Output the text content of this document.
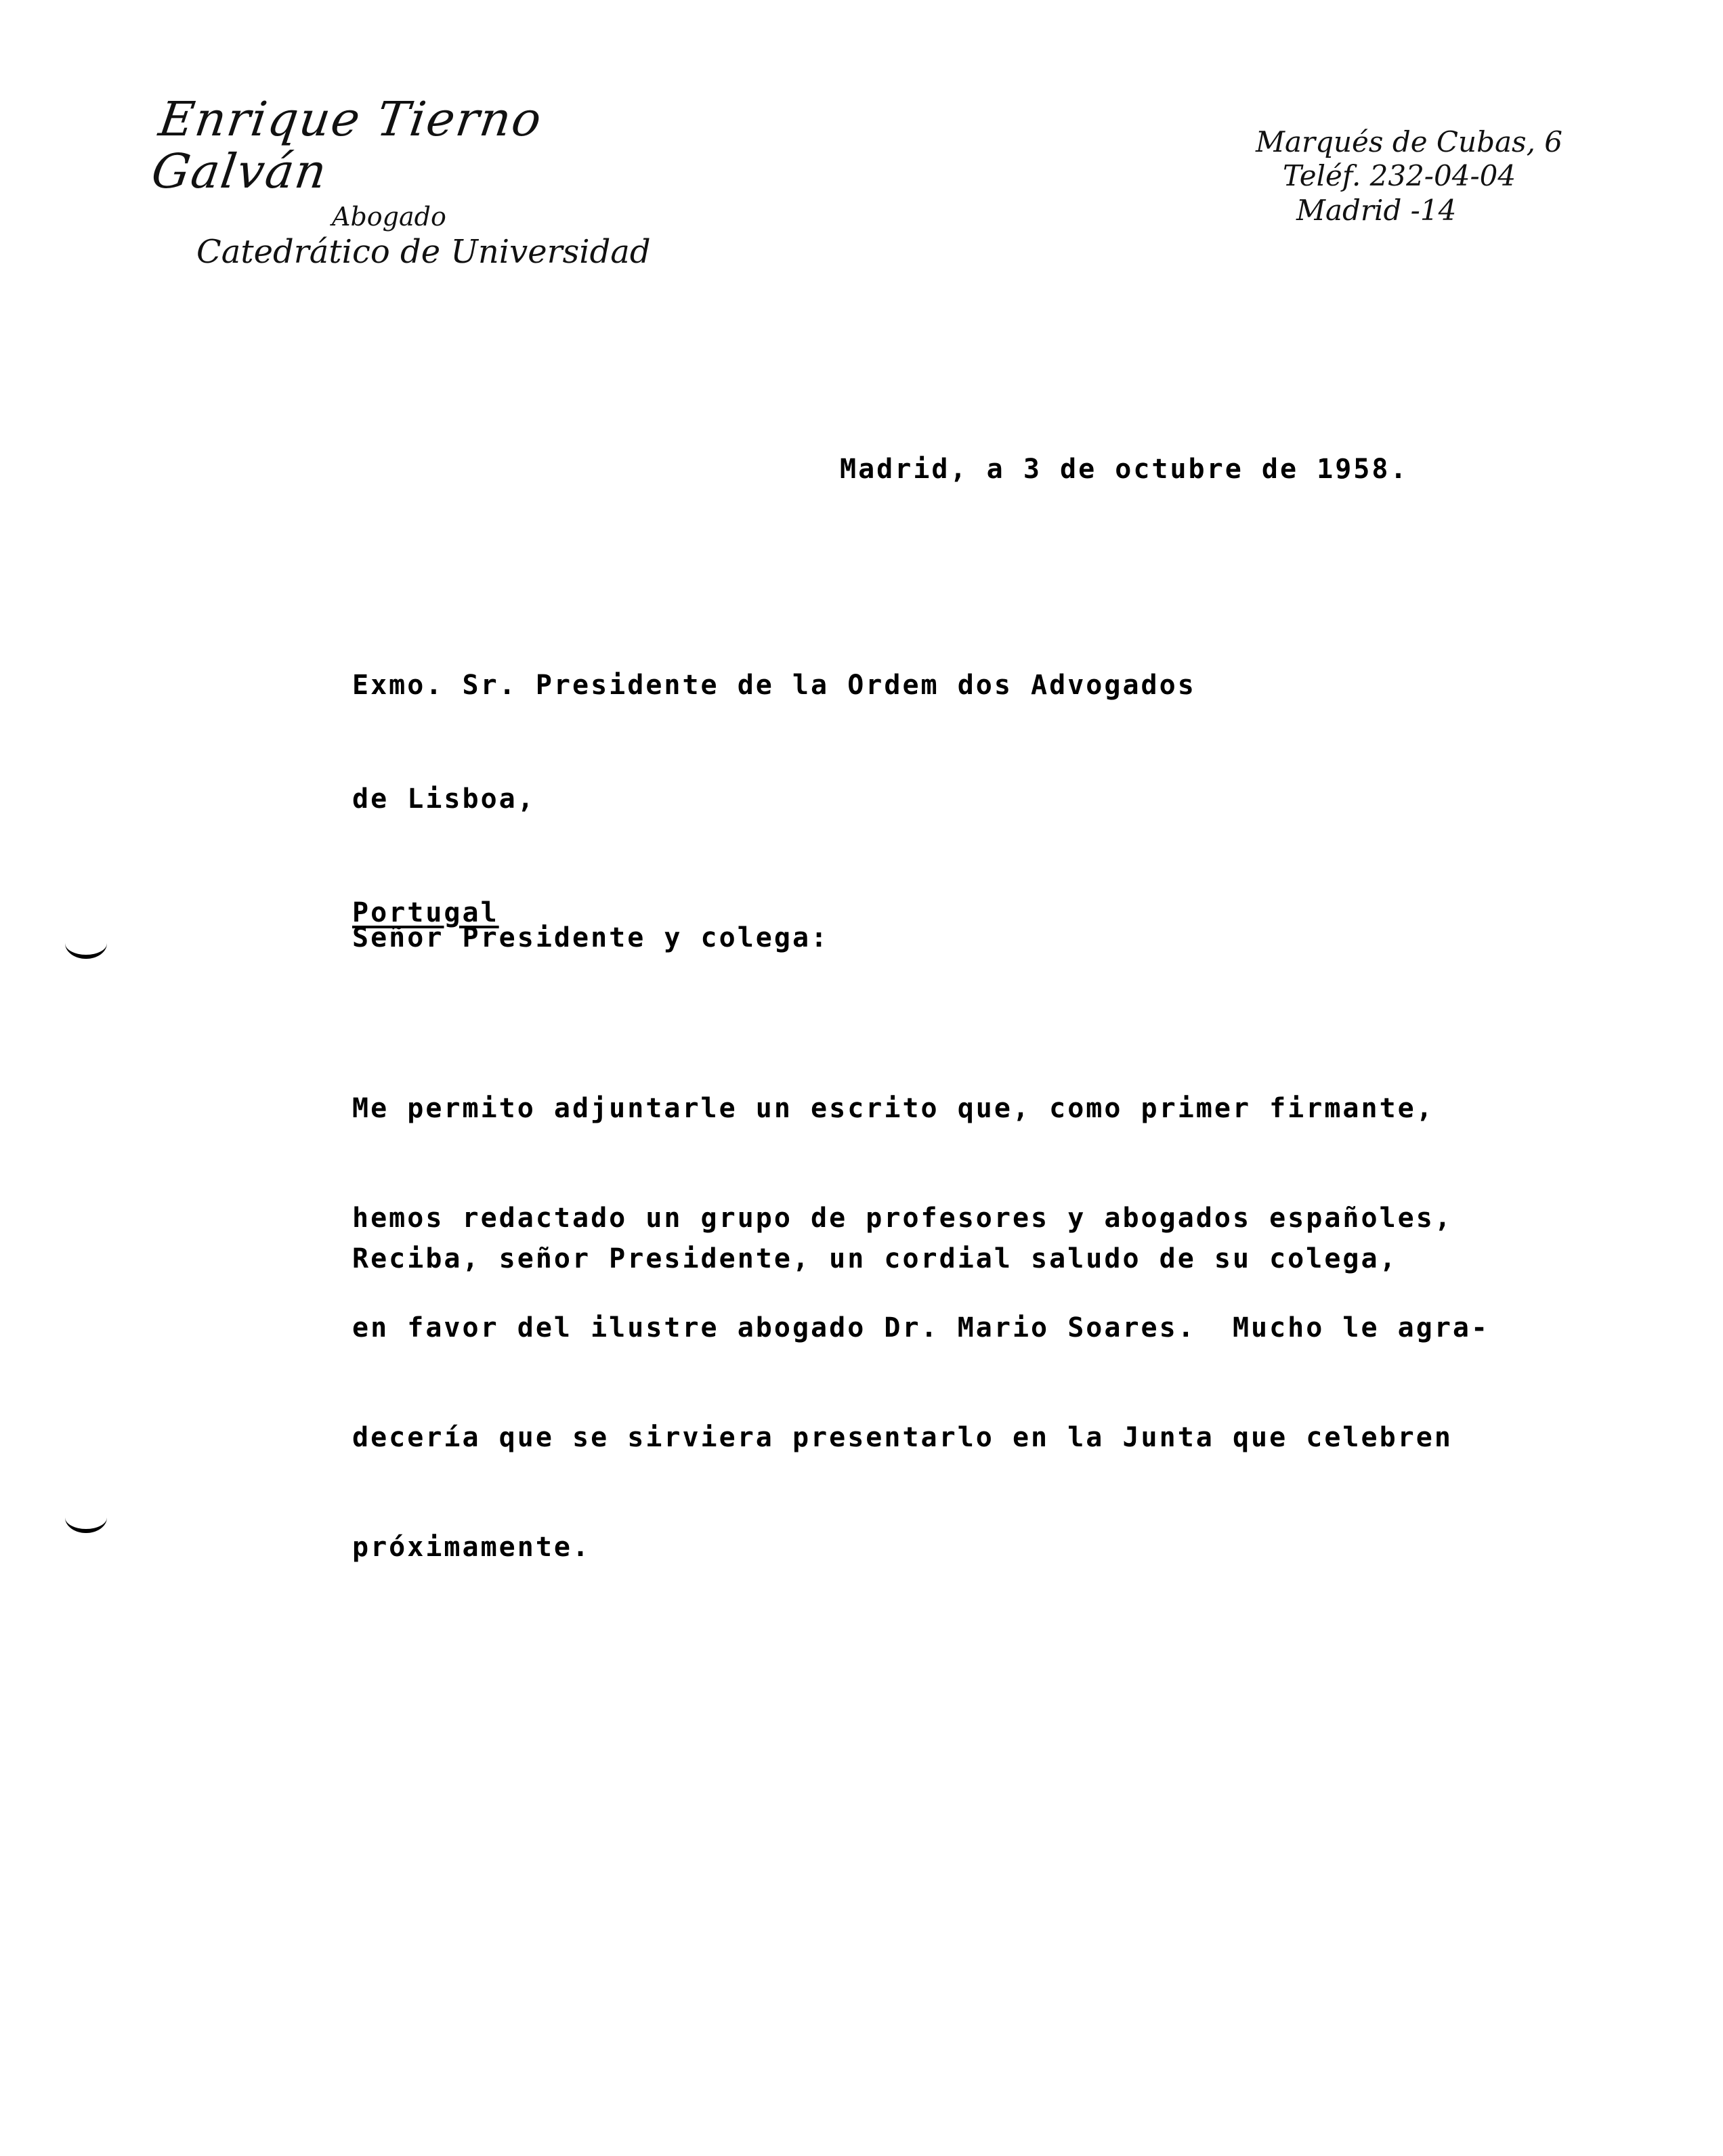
Enrique Tierno Galván
Abogado
Catedrático de Universidad
Marqués de Cubas, 6
Teléf. 232-04-04
Madrid -14
Madrid, a 3 de octubre de 1958.

Exmo. Sr. Presidente de la Ordem dos Advogados

de Lisboa,

Portugal

Señor Presidente y colega:

Me permito adjuntarle un escrito que, como primer firmante,

hemos redactado un grupo de profesores y abogados españoles,

en favor del ilustre abogado Dr. Mario Soares.  Mucho le agra-

decería que se sirviera presentarlo en la Junta que celebren

próximamente.

Reciba, señor Presidente, un cordial saludo de su colega,
